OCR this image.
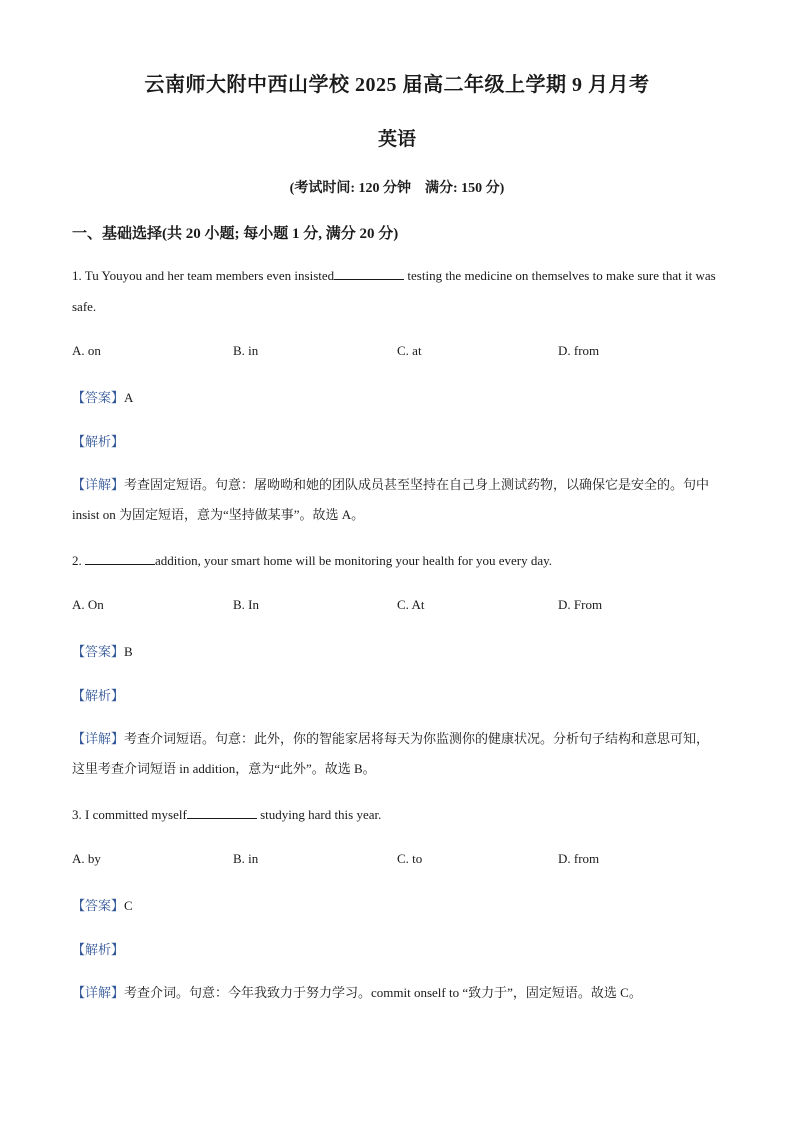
云南师大附中西山学校 2025 届高二年级上学期 9 月月考
英语
(考试时间: 120 分钟　满分: 150 分)
一、基础选择(共 20 小题; 每小题 1 分, 满分 20 分)
1. Tu Youyou and her team members even insisted	testing the medicine on themselves to make sure that it was safe.
A. on	B. in	C. at	D. from
【答案】A
【解析】
【详解】考查固定短语。句意：屠呦呦和她的团队成员甚至坚持在自己身上测试药物，以确保它是安全的。句中 insist on 为固定短语，意为“坚持做某事”。故选 A。
2.	addition, your smart home will be monitoring your health for you every day.
A. On	B. In	C. At	D. From
【答案】B
【解析】
【详解】考查介词短语。句意：此外，你的智能家居将每天为你监测你的健康状况。分析句子结构和意思可知，这里考查介词短语 in addition，意为“此外”。故选 B。
3. I committed myself	studying hard this year.
A. by	B. in	C. to	D. from
【答案】C
【解析】
【详解】考查介词。句意：今年我致力于努力学习。commit onself to “致力于”，固定短语。故选 C。
